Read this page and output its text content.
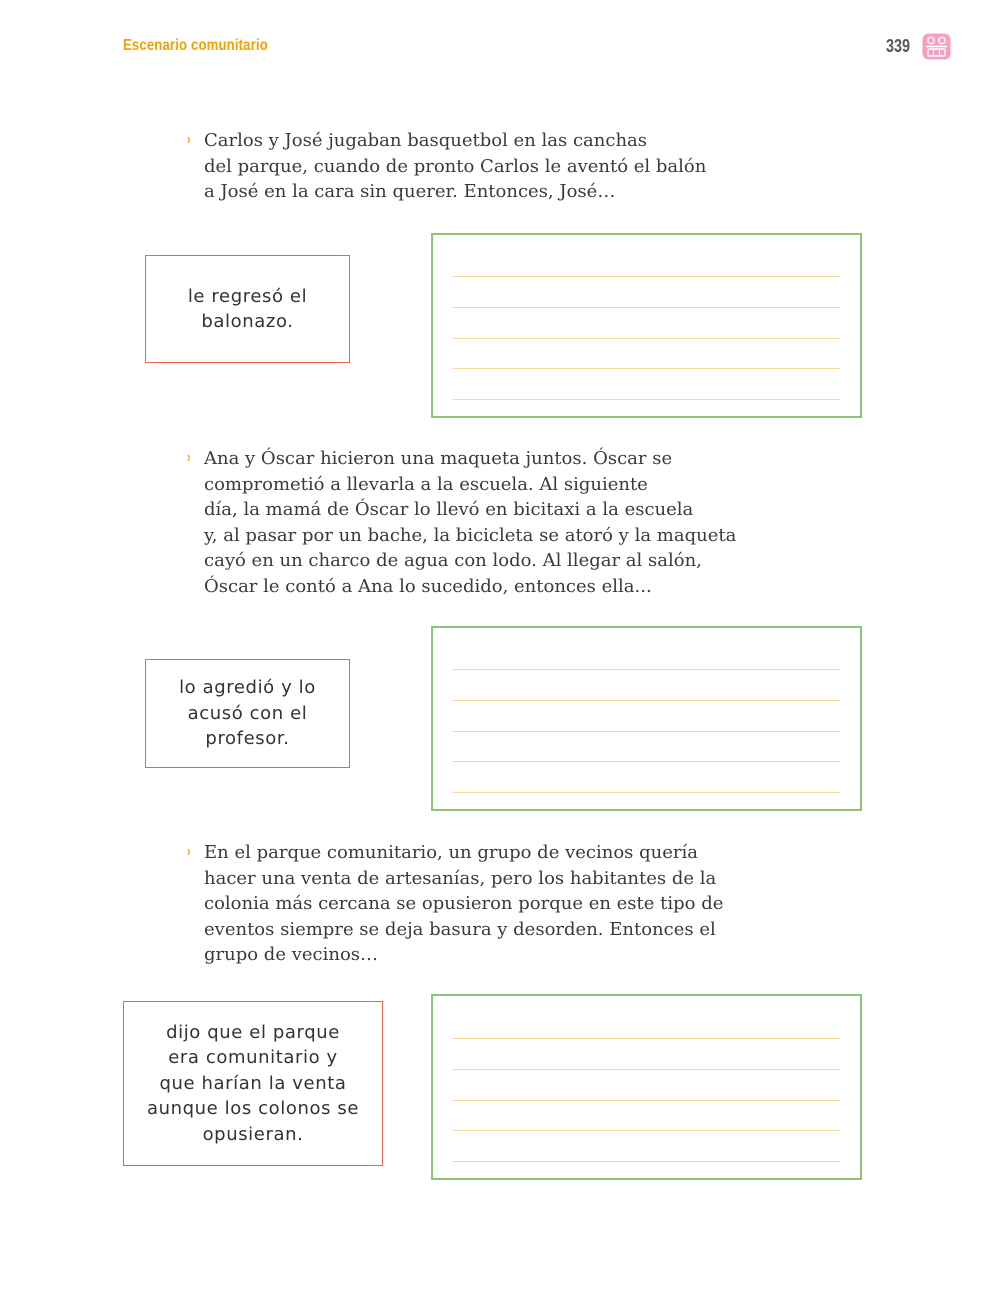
Escenario comunitario	339
› Carlos y José jugaban basquetbol en las canchas
del parque, cuando de pronto Carlos le aventó el balón
a José en la cara sin querer. Entonces, José…

le regresó el
balonazo.
› Ana y Óscar hicieron una maqueta juntos. Óscar se
comprometió a llevarla a la escuela. Al siguiente
día, la mamá de Óscar lo llevó en bicitaxi a la escuela
y, al pasar por un bache, la bicicleta se atoró y la maqueta
cayó en un charco de agua con lodo. Al llegar al salón,
Óscar le contó a Ana lo sucedido, entonces ella...

lo agredió y lo
acusó con el
profesor.
› En el parque comunitario, un grupo de vecinos quería
hacer una venta de artesanías, pero los habitantes de la
colonia más cercana se opusieron porque en este tipo de
eventos siempre se deja basura y desorden. Entonces el
grupo de vecinos…

dijo que el parque
era comunitario y
que harían la venta
aunque los colonos se
opusieran.
